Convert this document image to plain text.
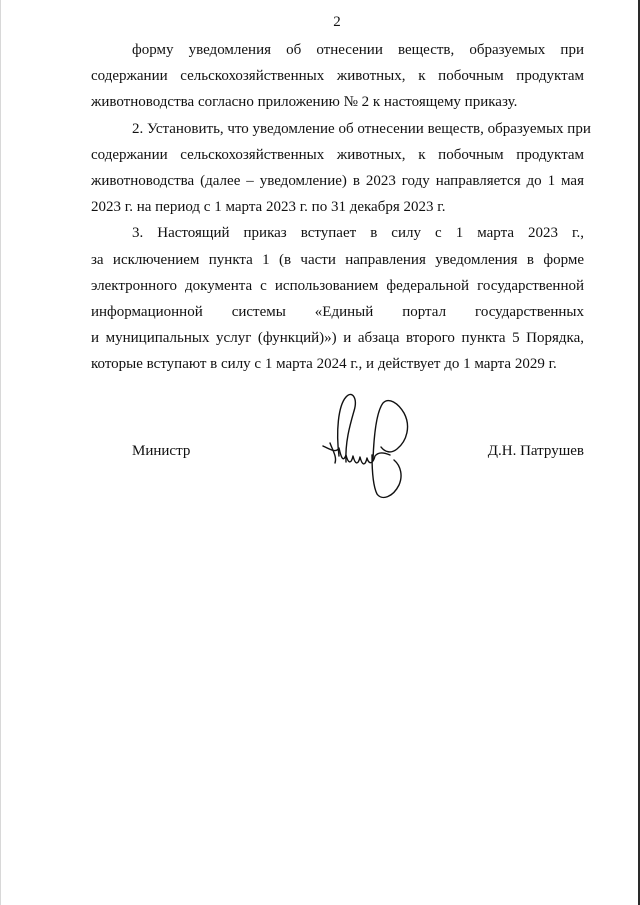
2
форму уведомления об отнесении веществ, образуемых при
содержании сельскохозяйственных животных, к побочным продуктам
животноводства согласно приложению № 2 к настоящему приказу.
2. Установить, что уведомление об отнесении веществ, образуемых при
содержании сельскохозяйственных животных, к побочным продуктам
животноводства (далее – уведомление) в 2023 году направляется до 1 мая
2023 г. на период с 1 марта 2023 г. по 31 декабря 2023 г.
3. Настоящий приказ вступает в силу с 1 марта 2023 г.,
за исключением пункта 1 (в части направления уведомления в форме
электронного документа с использованием федеральной государственной
информационной системы «Единый портал государственных
и муниципальных услуг (функций)») и абзаца второго пункта 5 Порядка,
которые вступают в силу с 1 марта 2024 г., и действует до 1 марта 2029 г.
Министр	Д.Н. Патрушев
